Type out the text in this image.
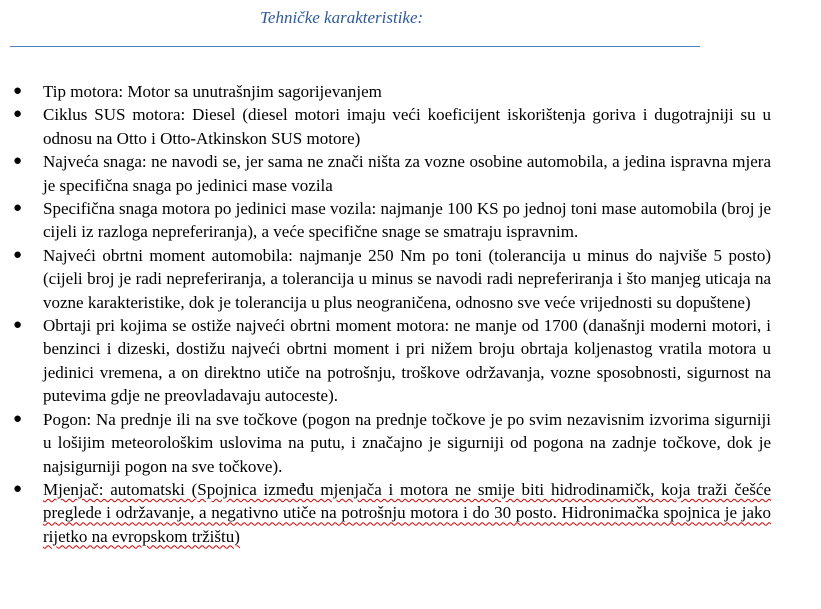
Tehničke karakteristike:
● Tip motora: Motor sa unutrašnjim sagorijevanjem
● Ciklus SUS motora: Diesel (diesel motori imaju veći koeficijent iskorištenja goriva i dugotrajniji su u odnosu na Otto i Otto-Atkinskon SUS motore)
● Najveća snaga: ne navodi se, jer sama ne znači ništa za vozne osobine automobila, a jedina ispravna mjera je specifična snaga po jedinici mase vozila
● Specifična snaga motora po jedinici mase vozila: najmanje 100 KS po jednoj toni mase automobila (broj je cijeli iz razloga nepreferiranja), a veće specifične snage se smatraju ispravnim.
● Najveći obrtni moment automobila: najmanje 250 Nm po toni (tolerancija u minus do najviše 5 posto) (cijeli broj je radi nepreferiranja, a tolerancija u minus se navodi radi nepreferiranja i što manjeg uticaja na vozne karakteristike, dok je tolerancija u plus neograničena, odnosno sve veće vrijednosti su dopuštene)
● Obrtaji pri kojima se ostiže najveći obrtni moment motora: ne manje od 1700 (današnji moderni motori, i benzinci i dizeski, dostižu najveći obrtni moment i pri nižem broju obrtaja koljenastog vratila motora u jedinici vremena, a on direktno utiče na potrošnju, troškove održavanja, vozne sposobnosti, sigurnost na putevima gdje ne preovladavaju autoceste).
● Pogon: Na prednje ili na sve točkove (pogon na prednje točkove je po svim nezavisnim izvorima sigurniji u lošijim meteorološkim uslovima na putu, i značajno je sigurniji od pogona na zadnje točkove, dok je najsigurniji pogon na sve točkove).
● Mjenjač: automatski (Spojnica između mjenjača i motora ne smije biti hidrodinamičk, koja traži češće preglede i održavanje, a negativno utiče na potrošnju motora i do 30 posto. Hidronimačka spojnica je jako rijetko na evropskom tržištu)
